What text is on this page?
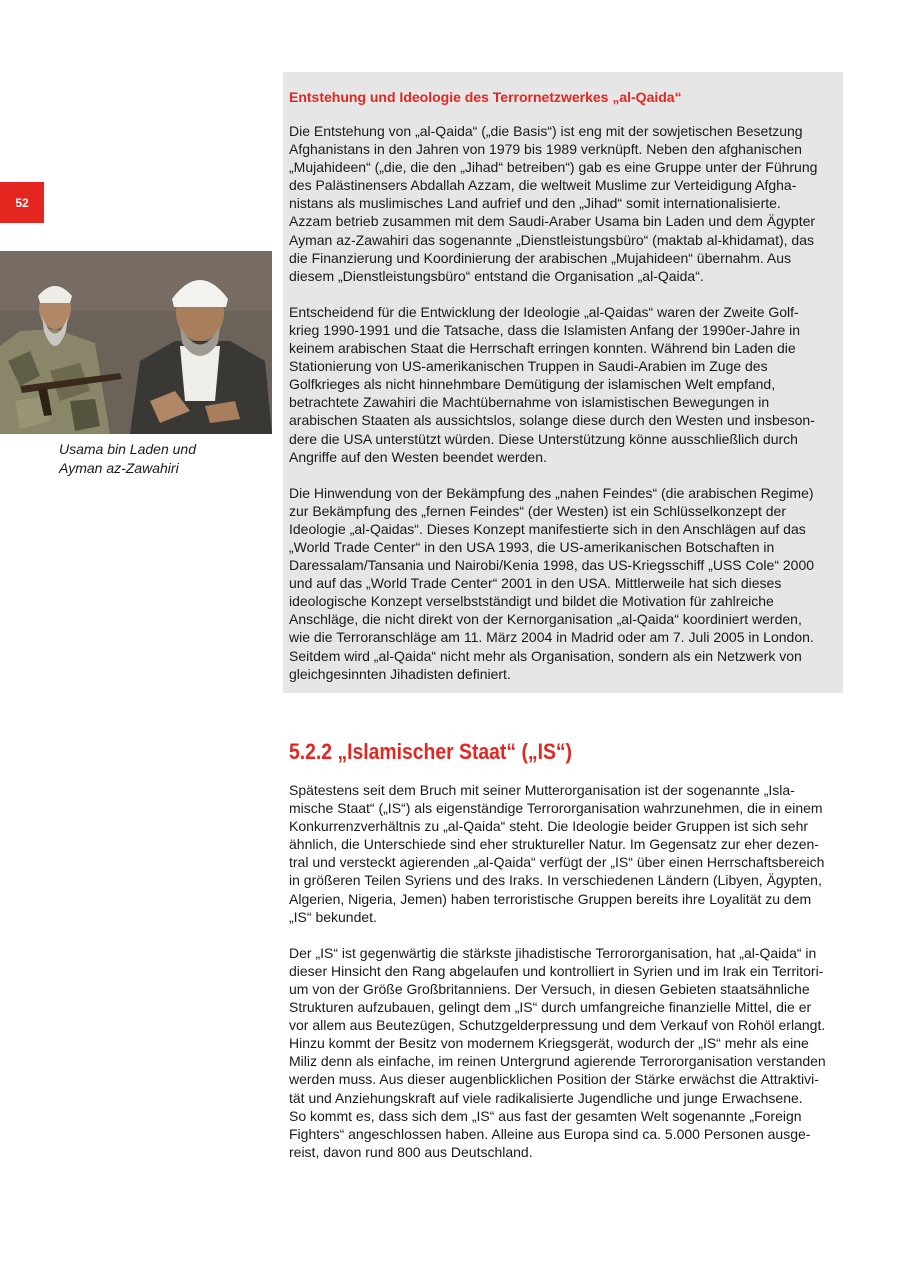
52
Usama bin Laden und
Ayman az-Zawahiri
Entstehung und Ideologie des Terrornetzwerkes „al-Qaida“
Die Entstehung von „al-Qaida“ („die Basis“) ist eng mit der sowjetischen Besetzung
Afghanistans in den Jahren von 1979 bis 1989 verknüpft. Neben den afghanischen
„Mujahideen“ („die, die den „Jihad“ betreiben“) gab es eine Gruppe unter der Führung
des Palästinensers Abdallah Azzam, die weltweit Muslime zur Verteidigung Afgha-
nistans als muslimisches Land aufrief und den „Jihad“ somit internationalisierte.
Azzam betrieb zusammen mit dem Saudi-Araber Usama bin Laden und dem Ägypter
Ayman az-Zawahiri das sogenannte „Dienstleistungsbüro“ (maktab al-khidamat), das
die Finanzierung und Koordinierung der arabischen „Mujahideen“ übernahm. Aus
diesem „Dienstleistungsbüro“ entstand die Organisation „al-Qaida“.
Entscheidend für die Entwicklung der Ideologie „al-Qaidas“ waren der Zweite Golf-
krieg 1990-1991 und die Tatsache, dass die Islamisten Anfang der 1990er-Jahre in
keinem arabischen Staat die Herrschaft erringen konnten. Während bin Laden die
Stationierung von US-amerikanischen Truppen in Saudi-Arabien im Zuge des
Golfkrieges als nicht hinnehmbare Demütigung der islamischen Welt empfand,
betrachtete Zawahiri die Machtübernahme von islamistischen Bewegungen in
arabischen Staaten als aussichtslos, solange diese durch den Westen und insbeson-
dere die USA unterstützt würden. Diese Unterstützung könne ausschließlich durch
Angriffe auf den Westen beendet werden.
Die Hinwendung von der Bekämpfung des „nahen Feindes“ (die arabischen Regime)
zur Bekämpfung des „fernen Feindes“ (der Westen) ist ein Schlüsselkonzept der
Ideologie „al-Qaidas“. Dieses Konzept manifestierte sich in den Anschlägen auf das
„World Trade Center“ in den USA 1993, die US-amerikanischen Botschaften in
Daressalam/Tansania und Nairobi/Kenia 1998, das US-Kriegsschiff „USS Cole“ 2000
und auf das „World Trade Center“ 2001 in den USA. Mittlerweile hat sich dieses
ideologische Konzept verselbstständigt und bildet die Motivation für zahlreiche
Anschläge, die nicht direkt von der Kernorganisation „al-Qaida“ koordiniert werden,
wie die Terroranschläge am 11. März 2004 in Madrid oder am 7. Juli 2005 in London.
Seitdem wird „al-Qaida“ nicht mehr als Organisation, sondern als ein Netzwerk von
gleichgesinnten Jihadisten definiert.
5.2.2 „Islamischer Staat“ („IS“)
Spätestens seit dem Bruch mit seiner Mutterorganisation ist der sogenannte „Isla-
mische Staat“ („IS“) als eigenständige Terrororganisation wahrzunehmen, die in einem
Konkurrenzverhältnis zu „al-Qaida“ steht. Die Ideologie beider Gruppen ist sich sehr
ähnlich, die Unterschiede sind eher struktureller Natur. Im Gegensatz zur eher dezen-
tral und versteckt agierenden „al-Qaida“ verfügt der „IS“ über einen Herrschaftsbereich
in größeren Teilen Syriens und des Iraks. In verschiedenen Ländern (Libyen, Ägypten,
Algerien, Nigeria, Jemen) haben terroristische Gruppen bereits ihre Loyalität zu dem
„IS“ bekundet.
Der „IS“ ist gegenwärtig die stärkste jihadistische Terrororganisation, hat „al-Qaida“ in
dieser Hinsicht den Rang abgelaufen und kontrolliert in Syrien und im Irak ein Territori-
um von der Größe Großbritanniens. Der Versuch, in diesen Gebieten staatsähnliche
Strukturen aufzubauen, gelingt dem „IS“ durch umfangreiche finanzielle Mittel, die er
vor allem aus Beutezügen, Schutzgelderpressung und dem Verkauf von Rohöl erlangt.
Hinzu kommt der Besitz von modernem Kriegsgerät, wodurch der „IS“ mehr als eine
Miliz denn als einfache, im reinen Untergrund agierende Terrororganisation verstanden
werden muss. Aus dieser augenblicklichen Position der Stärke erwächst die Attraktivi-
tät und Anziehungskraft auf viele radikalisierte Jugendliche und junge Erwachsene.
So kommt es, dass sich dem „IS“ aus fast der gesamten Welt sogenannte „Foreign
Fighters“ angeschlossen haben. Alleine aus Europa sind ca. 5.000 Personen ausge-
reist, davon rund 800 aus Deutschland.
